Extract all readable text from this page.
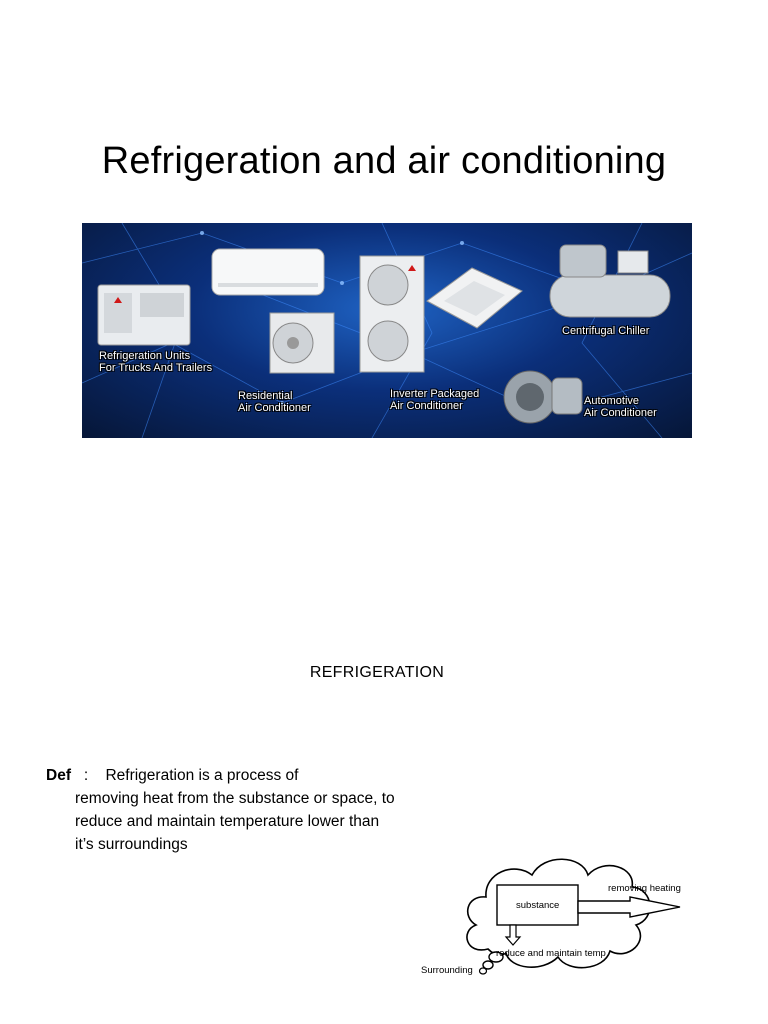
Refrigeration and air conditioning
Refrigeration Units
For Trucks And Trailers
Residential
Air Conditioner
Inverter Packaged
Air Conditioner
Centrifugal Chiller
Automotive
Air Conditioner
REFRIGERATION
Def : Refrigeration is a process of
removing heat from the substance or space, to reduce and maintain temperature lower than it’s surroundings
substance
removing heating
reduce and maintain temp
Surrounding
